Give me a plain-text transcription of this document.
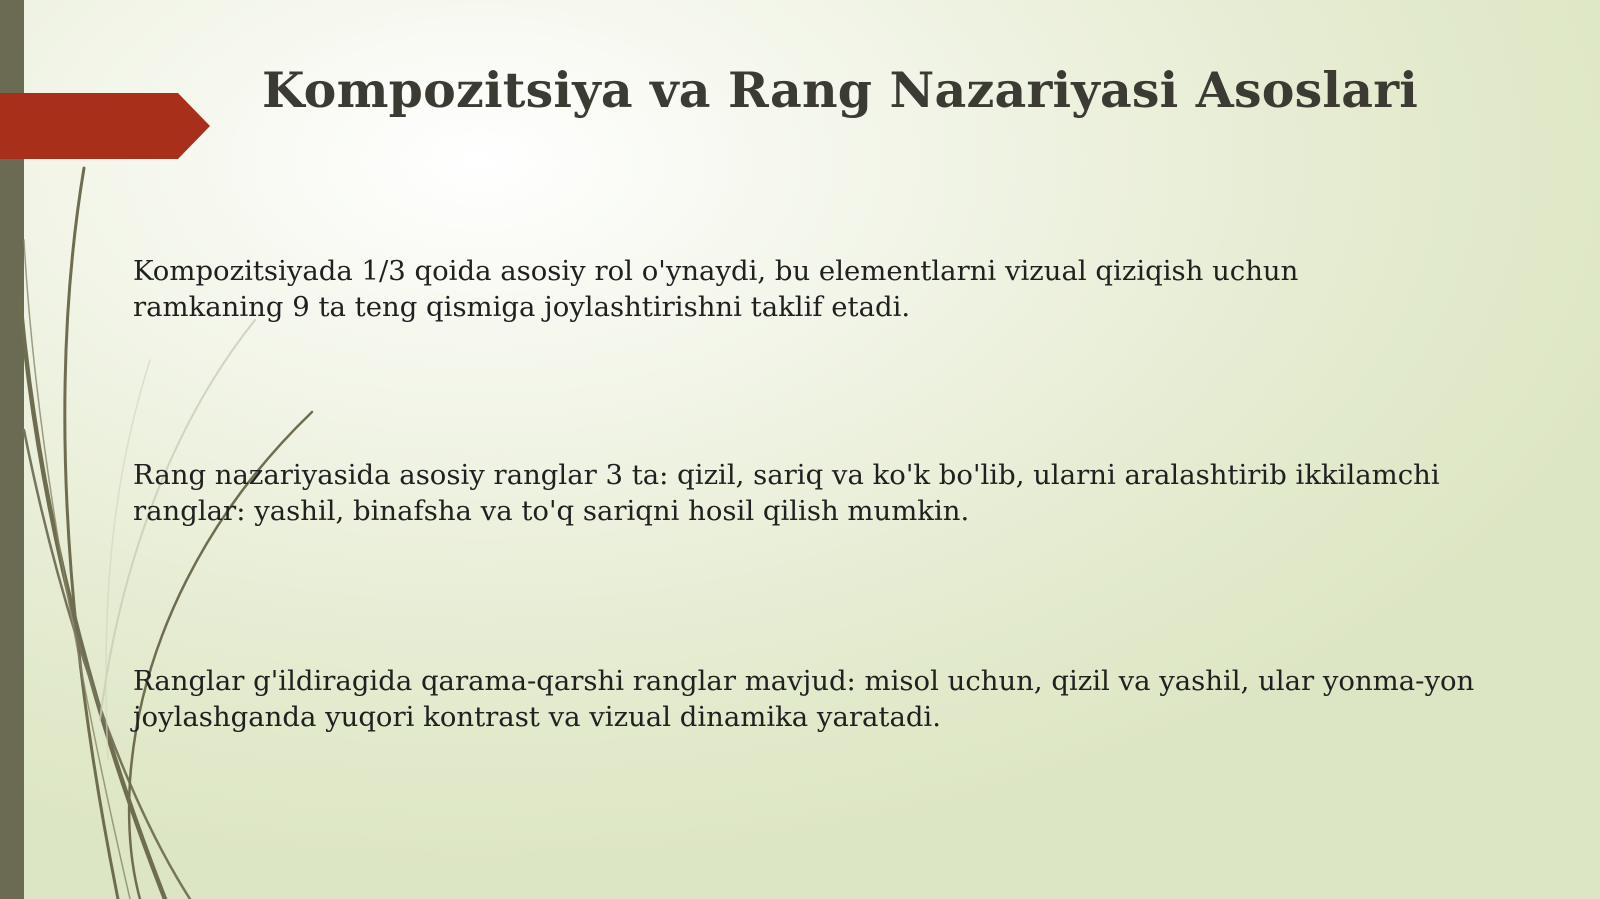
Kompozitsiya va Rang Nazariyasi Asoslari

Kompozitsiyada 1/3 qoida asosiy rol o'ynaydi, bu elementlarni vizual qiziqish uchun
ramkaning 9 ta teng qismiga joylashtirishni taklif etadi.

Rang nazariyasida asosiy ranglar 3 ta: qizil, sariq va ko'k bo'lib, ularni aralashtirib ikkilamchi
ranglar: yashil, binafsha va to'q sariqni hosil qilish mumkin.

Ranglar g'ildiragida qarama-qarshi ranglar mavjud: misol uchun, qizil va yashil, ular yonma-yon
joylashganda yuqori kontrast va vizual dinamika yaratadi.
